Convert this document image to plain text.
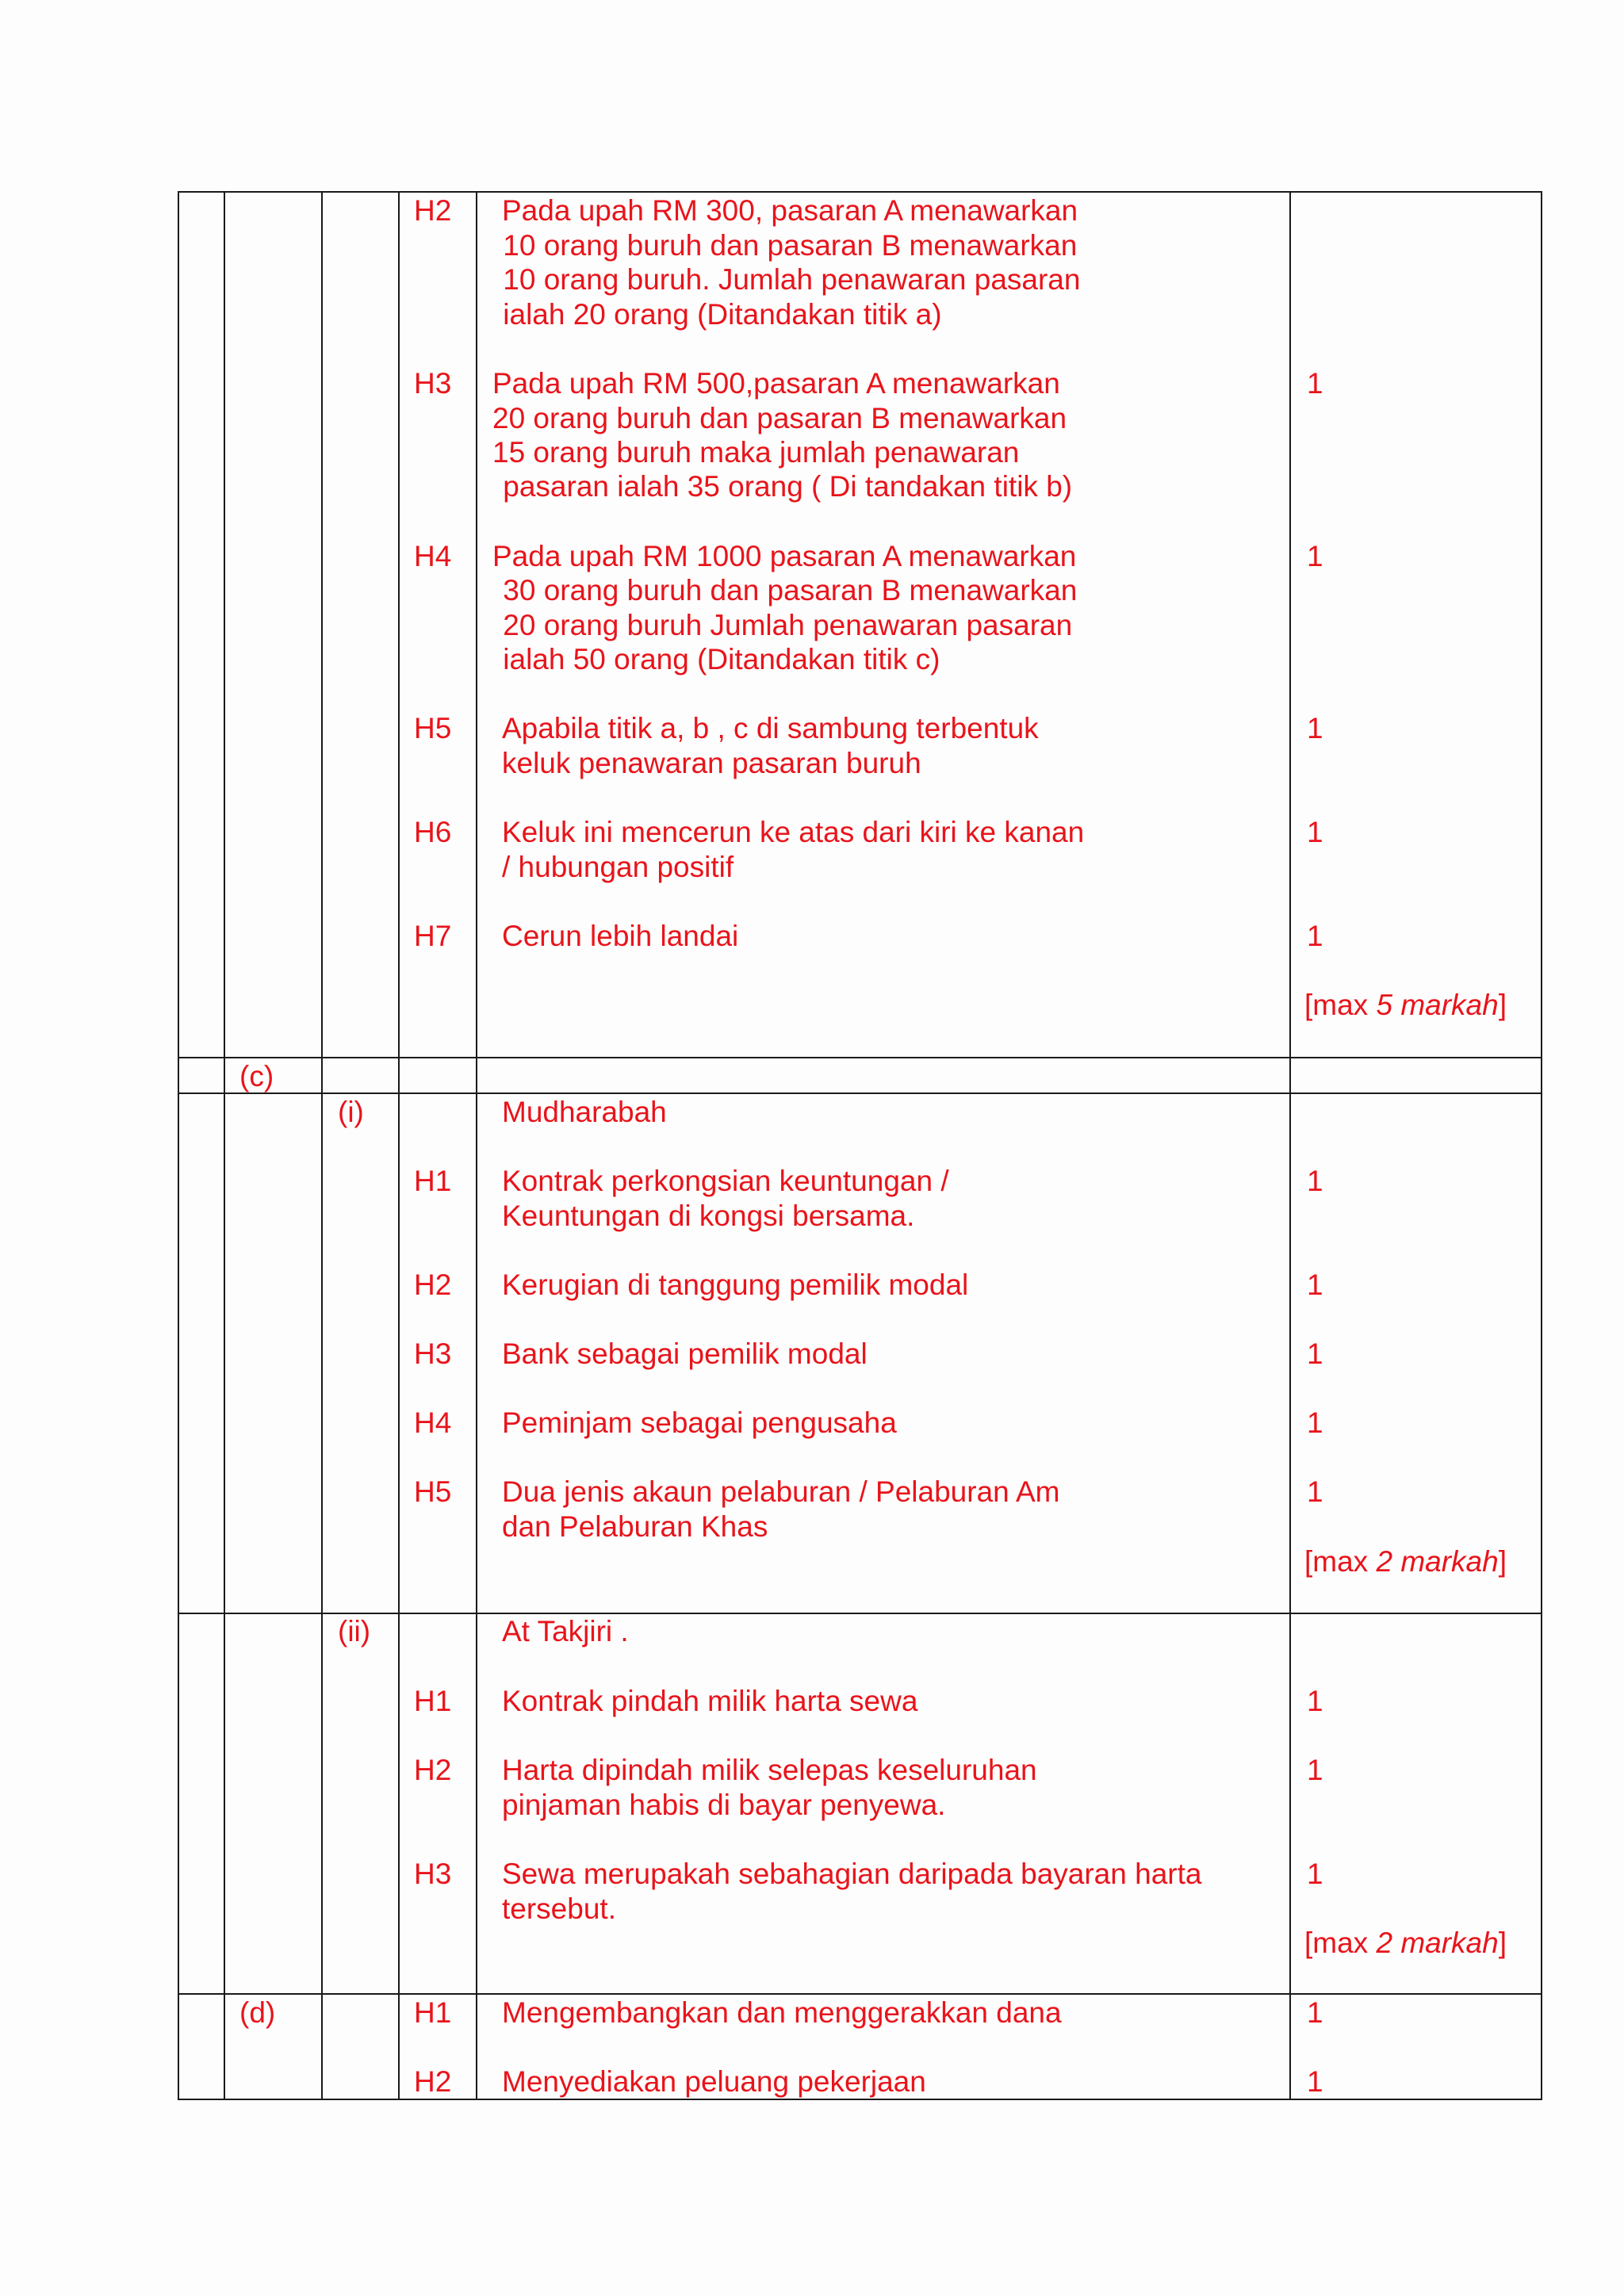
H2 Pada upah RM 300, pasaran A menawarkan
10 orang buruh dan pasaran B menawarkan
10 orang buruh. Jumlah penawaran pasaran
ialah 20 orang (Ditandakan titik a)
H3 Pada upah RM 500,pasaran A menawarkan
20 orang buruh dan pasaran B menawarkan
15 orang buruh maka jumlah penawaran
pasaran ialah 35 orang ( Di tandakan titik b)
1
H4 Pada upah RM 1000 pasaran A menawarkan
30 orang buruh dan pasaran B menawarkan
20 orang buruh Jumlah penawaran pasaran
ialah 50 orang (Ditandakan titik c)
1
H5 Apabila titik a, b , c di sambung terbentuk
keluk penawaran pasaran buruh
1
H6 Keluk ini mencerun ke atas dari kiri ke kanan
/ hubungan positif
1
H7 Cerun lebih landai	1
[max 5 markah]
(c)
(i)	Mudharabah
H1 Kontrak perkongsian keuntungan /
Keuntungan di kongsi bersama.
1
H2 Kerugian di tanggung pemilik modal	1
H3 Bank sebagai pemilik modal	1
H4 Peminjam sebagai pengusaha	1
H5 Dua jenis akaun pelaburan / Pelaburan Am
dan Pelaburan Khas
1
[max 2 markah]
(ii)	At Takjiri .
H1 Kontrak pindah milik harta sewa	1
H2 Harta dipindah milik selepas keseluruhan
pinjaman habis di bayar penyewa.
1
H3 Sewa merupakah sebahagian daripada bayaran harta
tersebut.
1
[max 2 markah]
(d)	H1 Mengembangkan dan menggerakkan dana	1
H2 Menyediakan peluang pekerjaan	1
